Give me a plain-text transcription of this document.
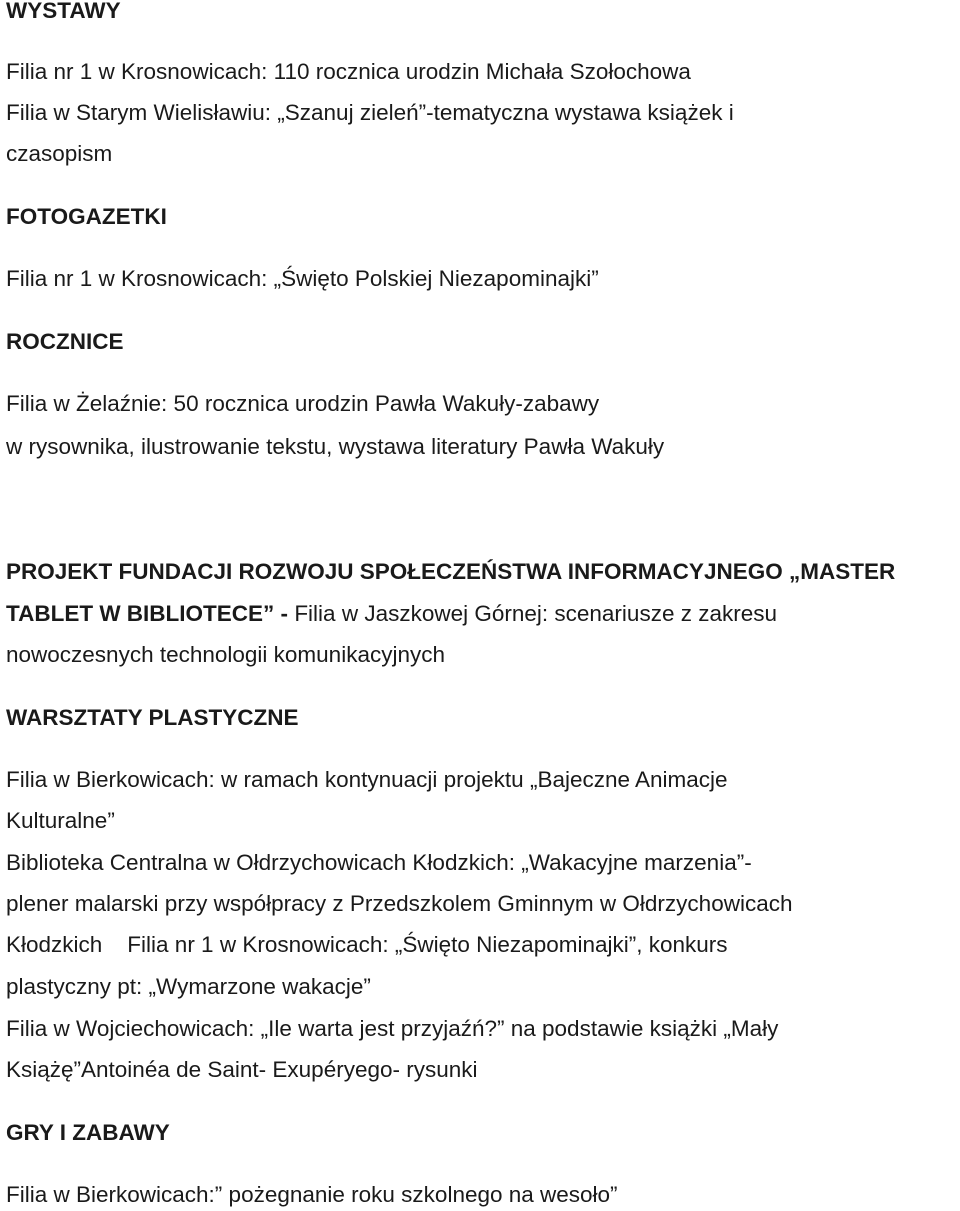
WYSTAWY

Filia nr 1 w Krosnowicach: 110 rocznica urodzin Michała Szołochowa

Filia w Starym Wielisławiu: „Szanuj zieleń”-tematyczna wystawa książek i

czasopism

FOTOGAZETKI

Filia nr 1 w Krosnowicach: „Święto Polskiej Niezapominajki”

ROCZNICE

Filia w Żelaźnie: 50 rocznica urodzin Pawła Wakuły-zabawy

w rysownika, ilustrowanie tekstu, wystawa literatury Pawła Wakuły

PROJEKT FUNDACJI ROZWOJU SPOŁECZEŃSTWA INFORMACYJNEGO „MASTER

TABLET W BIBLIOTECE” - Filia w Jaszkowej Górnej: scenariusze z zakresu

nowoczesnych technologii komunikacyjnych

WARSZTATY PLASTYCZNE

Filia w Bierkowicach: w ramach kontynuacji projektu „Bajeczne Animacje

Kulturalne”

Biblioteka Centralna w Ołdrzychowicach Kłodzkich: „Wakacyjne marzenia”-

plener malarski przy współpracy z Przedszkolem Gminnym w Ołdrzychowicach

Kłodzkich    Filia nr 1 w Krosnowicach: „Święto Niezapominajki”, konkurs

plastyczny pt: „Wymarzone wakacje”

Filia w Wojciechowicach: „Ile warta jest przyjaźń?” na podstawie książki „Mały

Książę”Antoinéa de Saint- Exupéryego- rysunki

GRY I ZABAWY

Filia w Bierkowicach:” pożegnanie roku szkolnego na wesoło”
